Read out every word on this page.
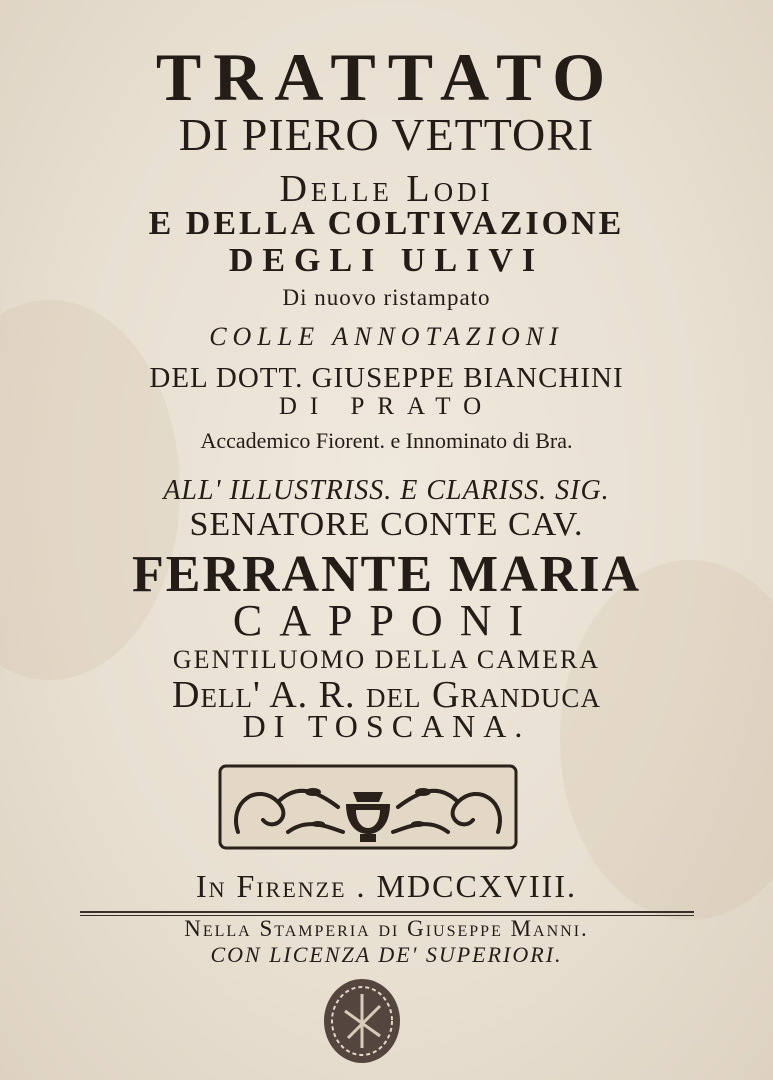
TRATTATO
DI PIERO VETTORI
Delle Lodi
E DELLA COLTIVAZIONE
DEGLI ULIVI
Di nuovo ristampato
COLLE ANNOTAZIONI
DEL DOTT. GIUSEPPE BIANCHINI
DI PRATO
Accademico Fiorent. e Innominato di Bra.
ALL' ILLUSTRISS. E CLARISS. SIG.
SENATORE CONTE CAV.
FERRANTE MARIA
CAPPONI
GENTILUOMO DELLA CAMERA
Dell' A. R. del Granduca
DI TOSCANA.
In Firenze . MDCCXVIII.
Nella Stamperia di Giuseppe Manni.
CON LICENZA DE' SUPERIORI.
